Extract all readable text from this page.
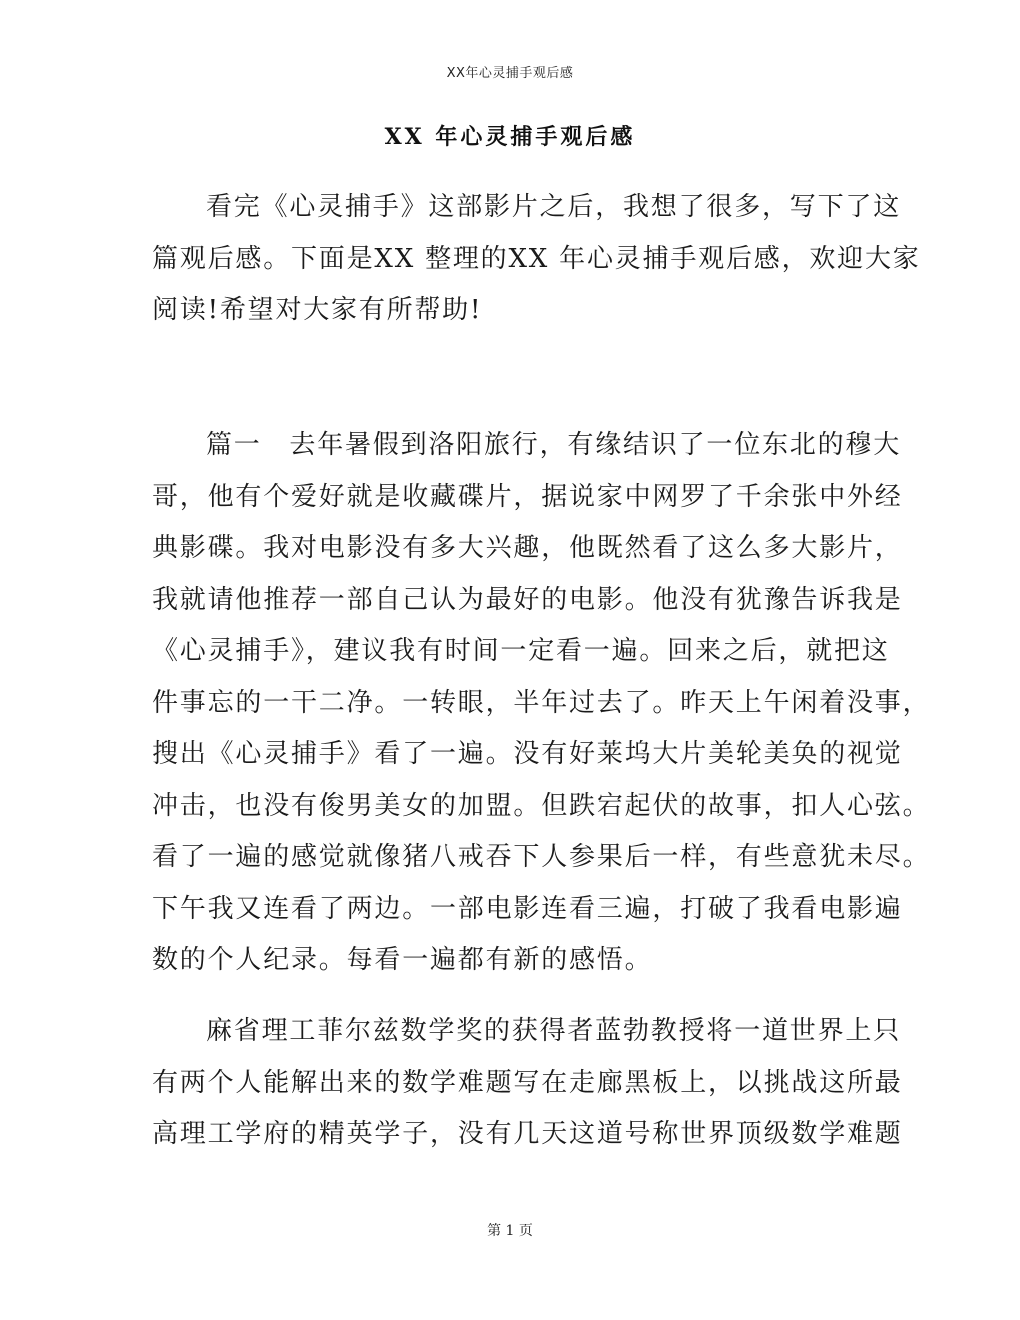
XX年心灵捕手观后感
XX 年心灵捕手观后感
看完《心灵捕手》这部影片之后，我想了很多，写下了这
篇观后感。下面是XX 整理的XX 年心灵捕手观后感，欢迎大家
阅读!希望对大家有所帮助!
篇一　去年暑假到洛阳旅行，有缘结识了一位东北的穆大
哥，他有个爱好就是收藏碟片，据说家中网罗了千余张中外经
典影碟。我对电影没有多大兴趣，他既然看了这么多大影片，
我就请他推荐一部自己认为最好的电影。他没有犹豫告诉我是
《心灵捕手》，建议我有时间一定看一遍。回来之后，就把这
件事忘的一干二净。一转眼，半年过去了。昨天上午闲着没事，
搜出《心灵捕手》看了一遍。没有好莱坞大片美轮美奂的视觉
冲击，也没有俊男美女的加盟。但跌宕起伏的故事，扣人心弦。
看了一遍的感觉就像猪八戒吞下人参果后一样，有些意犹未尽。
下午我又连看了两边。一部电影连看三遍，打破了我看电影遍
数的个人纪录。每看一遍都有新的感悟。
麻省理工菲尔兹数学奖的获得者蓝勃教授将一道世界上只
有两个人能解出来的数学难题写在走廊黑板上，以挑战这所最
高理工学府的精英学子，没有几天这道号称世界顶级数学难题
第 1 页
